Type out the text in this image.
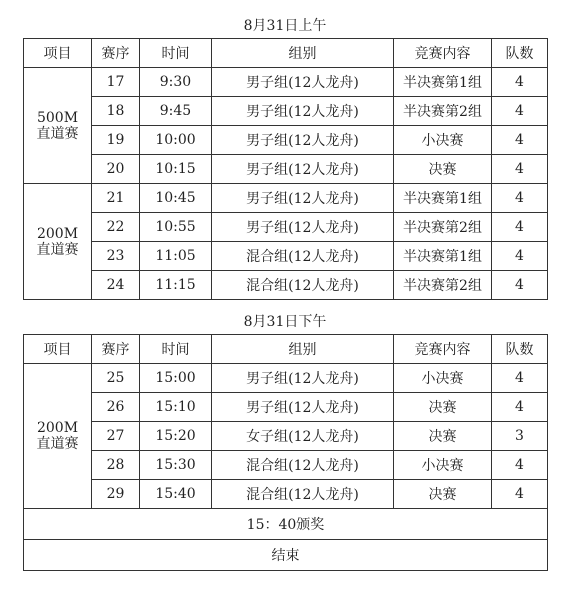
8月31日上午
项目	赛序	时间	组别	竞赛内容	队数

500M
直道赛	17	9:30	男子组(12人龙舟)	半决赛第1组	4
	18	9:45	男子组(12人龙舟)	半决赛第2组	4
	19	10:00	男子组(12人龙舟)	小决赛	4
	20	10:15	男子组(12人龙舟)	决赛	4

200M
直道赛	21	10:45	男子组(12人龙舟)	半决赛第1组	4
	22	10:55	男子组(12人龙舟)	半决赛第2组	4
	23	11:05	混合组(12人龙舟)	半决赛第1组	4
	24	11:15	混合组(12人龙舟)	半决赛第2组	4
8月31日下午
项目	赛序	时间	组别	竞赛内容	队数

200M
直道赛	25	15:00	男子组(12人龙舟)	小决赛	4
	26	15:10	男子组(12人龙舟)	决赛	4
	27	15:20	女子组(12人龙舟)	决赛	3
	28	15:30	混合组(12人龙舟)	小决赛	4
	29	15:40	混合组(12人龙舟)	决赛	4
15：40颁奖					
结束					
